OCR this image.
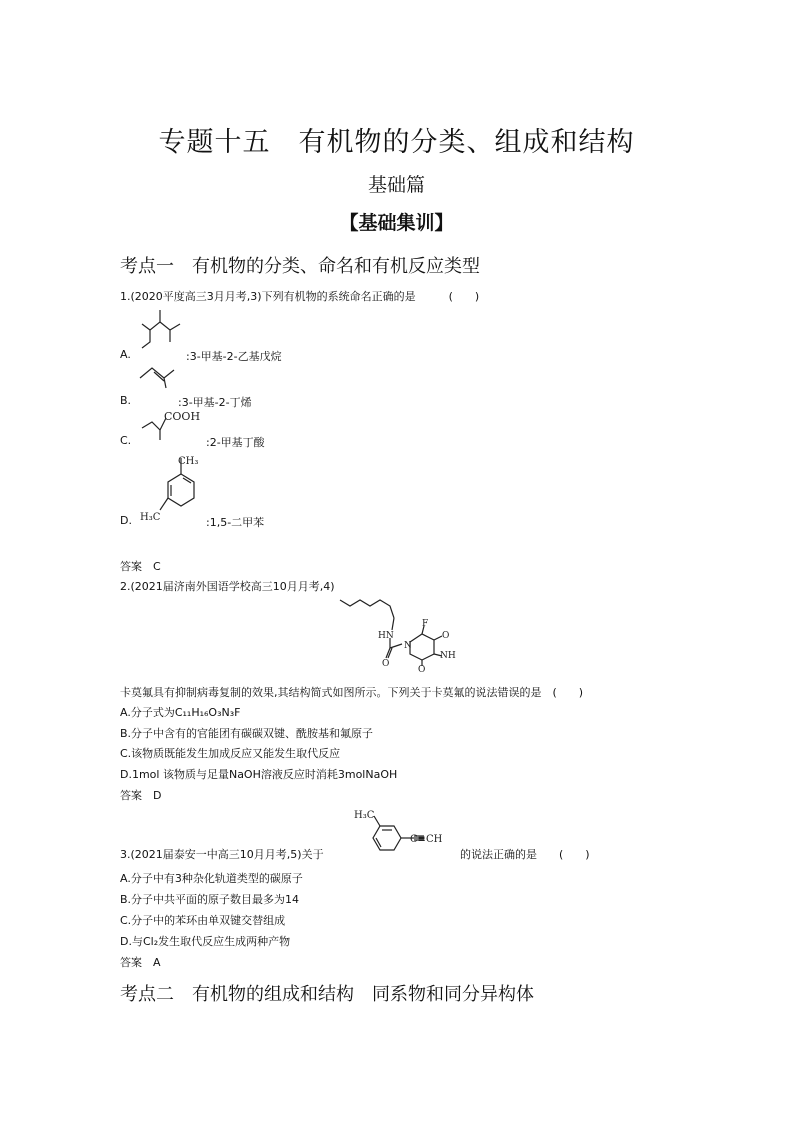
专题十五　有机物的分类、组成和结构
基础篇
【基础集训】
考点一　有机物的分类、命名和有机反应类型
1.(2020平度高三3月月考,3)下列有机物的系统命名正确的是　　　(　　)
A.	:3-甲基-2-乙基戊烷
B.	:3-甲基-2-丁烯
COOH
C.	:2-甲基丁酸
CH₃
H₃C
D.	:1,5-二甲苯
答案　C
2.(2021届济南外国语学校高三10月月考,4)
HN
N
F
NH
O
O
O
卡莫氟具有抑制病毒复制的效果,其结构简式如图所示。下列关于卡莫氟的说法错误的是　(　　)
A.分子式为C₁₁H₁₆O₃N₃F
B.分子中含有的官能团有碳碳双键、酰胺基和氟原子
C.该物质既能发生加成反应又能发生取代反应
D.1mol 该物质与足量NaOH溶液反应时消耗3molNaOH
答案　D
H₃C
C≡CH
3.(2021届泰安一中高三10月月考,5)关于	的说法正确的是　　(　　)
A.分子中有3种杂化轨道类型的碳原子
B.分子中共平面的原子数目最多为14
C.分子中的苯环由单双键交替组成
D.与Cl₂发生取代反应生成两种产物
答案　A
考点二　有机物的组成和结构　同系物和同分异构体
